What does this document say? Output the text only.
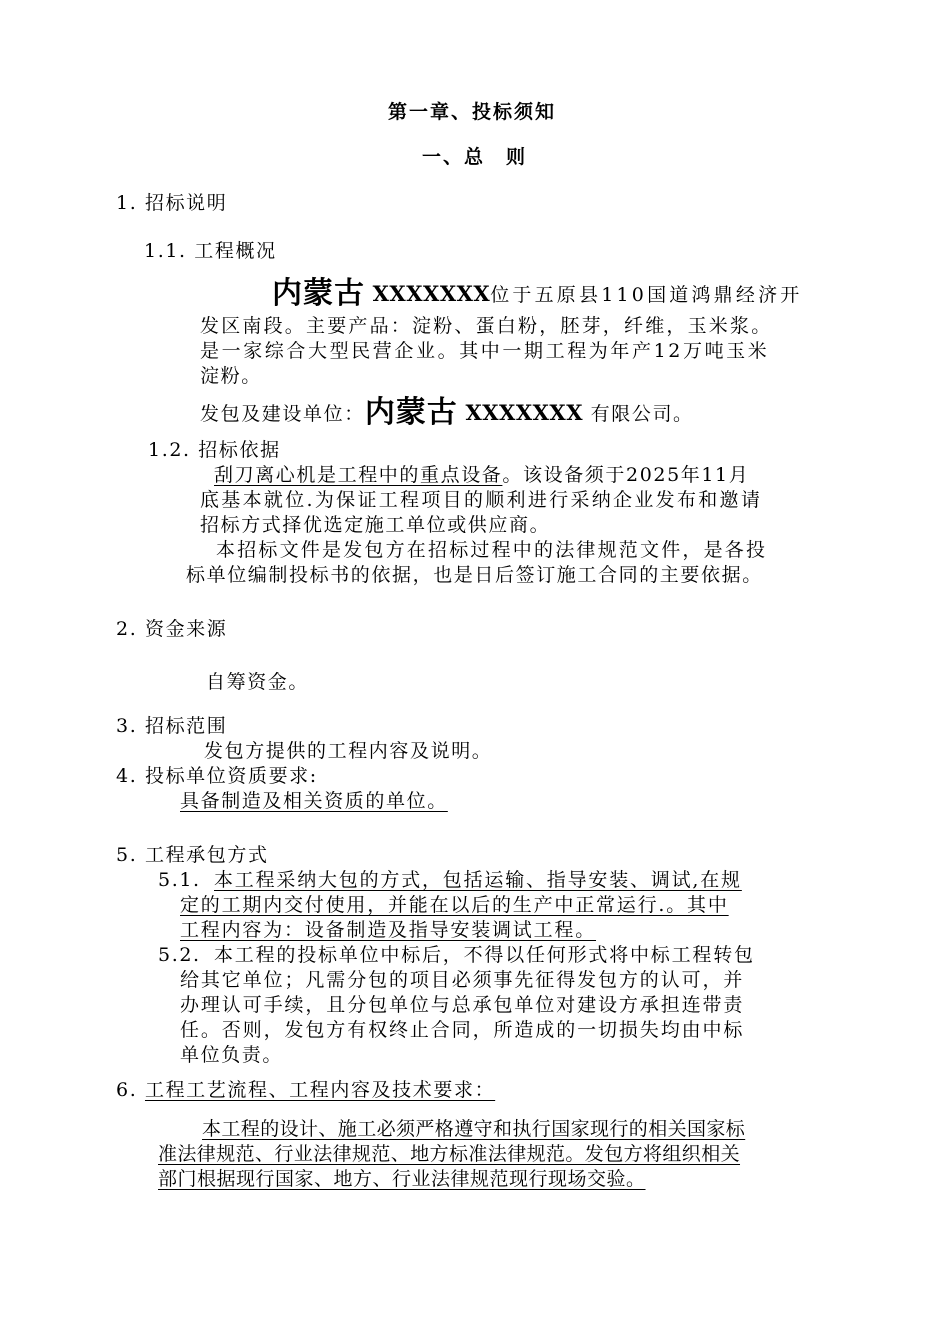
第一章、投标须知
一、总　则
1. 招标说明
1.1. 工程概况
内蒙古 XXXXXXX位于五原县110国道鸿鼎经济开
发区南段。主要产品：淀粉、蛋白粉，胚芽，纤维，玉米浆。
是一家综合大型民营企业。其中一期工程为年产12万吨玉米
淀粉。
发包及建设单位：内蒙古 XXXXXXX 有限公司。
1.2. 招标依据
刮刀离心机是工程中的重点设备。该设备须于2025年11月
底基本就位.为保证工程项目的顺利进行采纳企业发布和邀请
招标方式择优选定施工单位或供应商。
本招标文件是发包方在招标过程中的法律规范文件，是各投
标单位编制投标书的依据，也是日后签订施工合同的主要依据。
2. 资金来源
自筹资金。
3. 招标范围
发包方提供的工程内容及说明。
4. 投标单位资质要求:
具备制造及相关资质的单位。
5. 工程承包方式
5.1. 本工程采纳大包的方式，包括运输、指导安装、调试,在规
定的工期内交付使用，并能在以后的生产中正常运行.。其中
工程内容为：设备制造及指导安装调试工程。
5.2. 本工程的投标单位中标后，不得以任何形式将中标工程转包
给其它单位；凡需分包的项目必须事先征得发包方的认可，并
办理认可手续，且分包单位与总承包单位对建设方承担连带责
任。否则，发包方有权终止合同，所造成的一切损失均由中标
单位负责。
6. 工程工艺流程、工程内容及技术要求：
本工程的设计、施工必须严格遵守和执行国家现行的相关国家标
准法律规范、行业法律规范、地方标准法律规范。发包方将组织相关
部门根据现行国家、地方、行业法律规范现行现场交验。
